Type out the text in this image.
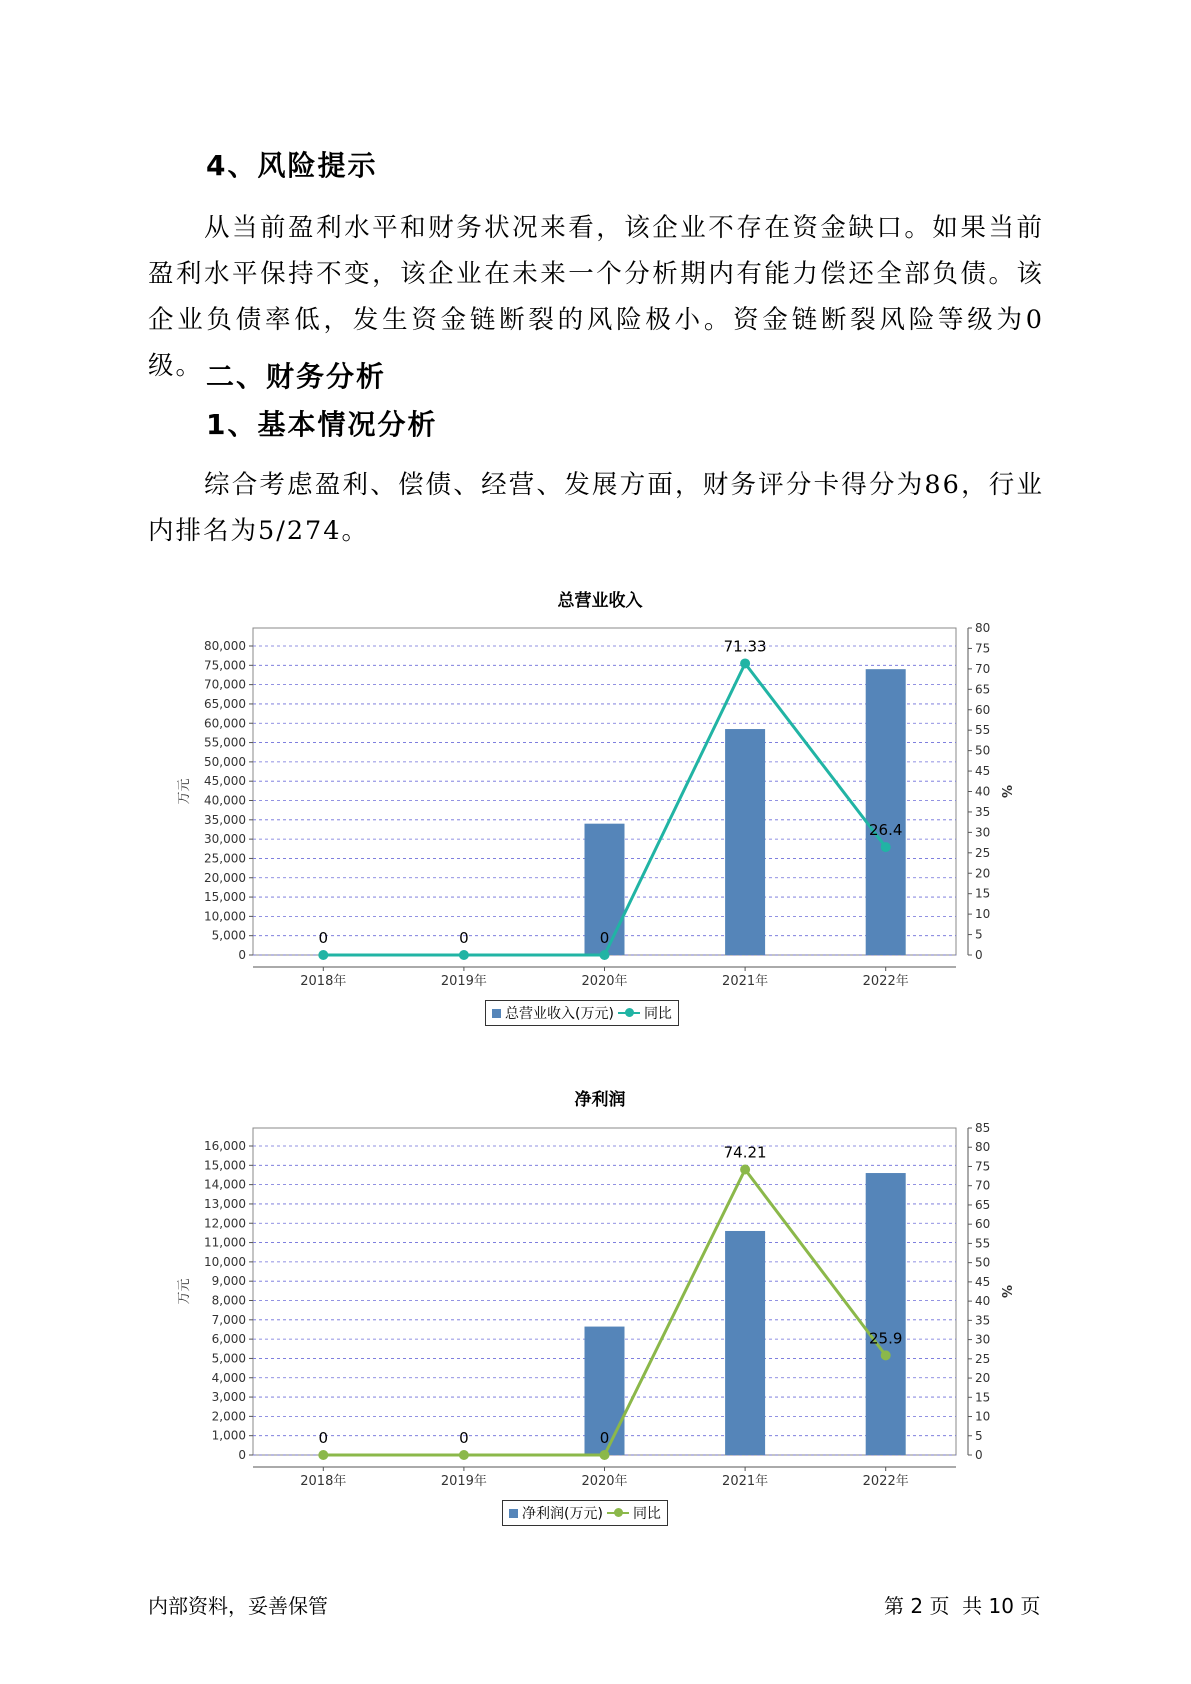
4、风险提示

从当前盈利水平和财务状况来看，该企业不存在资金缺口。如果当前盈利水平保持不变，该企业在未来一个分析期内有能力偿还全部负债。该企业负债率低，发生资金链断裂的风险极小。资金链断裂风险等级为0级。 二、财务分析
1、基本情况分析

综合考虑盈利、偿债、经营、发展方面，财务评分卡得分为86，行业内排名为5/274。

总营业收入
0
5,000
10,000
15,000
20,000
25,000
30,000
35,000
40,000
45,000
50,000
55,000
60,000
65,000
70,000
75,000
80,000
0
5
10
15
20
25
30
35
40
45
50
55
60
65
70
75
80
万元	%
2018年	2019年	2020年	2021年	2022年
0	0	0
71.33
26.4
总营业收入(万元) 同比
净利润
0
1,000
2,000
3,000
4,000
5,000
6,000
7,000
8,000
9,000
10,000
11,000
12,000
13,000
14,000
15,000
16,000
0
5
10
15
20
25
30
35
40
45
50
55
60
65
70
75
80
85
万元	%
2018年	2019年	2020年	2021年	2022年
0	0	0
74.21
25.9
净利润(万元) 同比
内部资料，妥善保管	第 2 页  共 10 页
